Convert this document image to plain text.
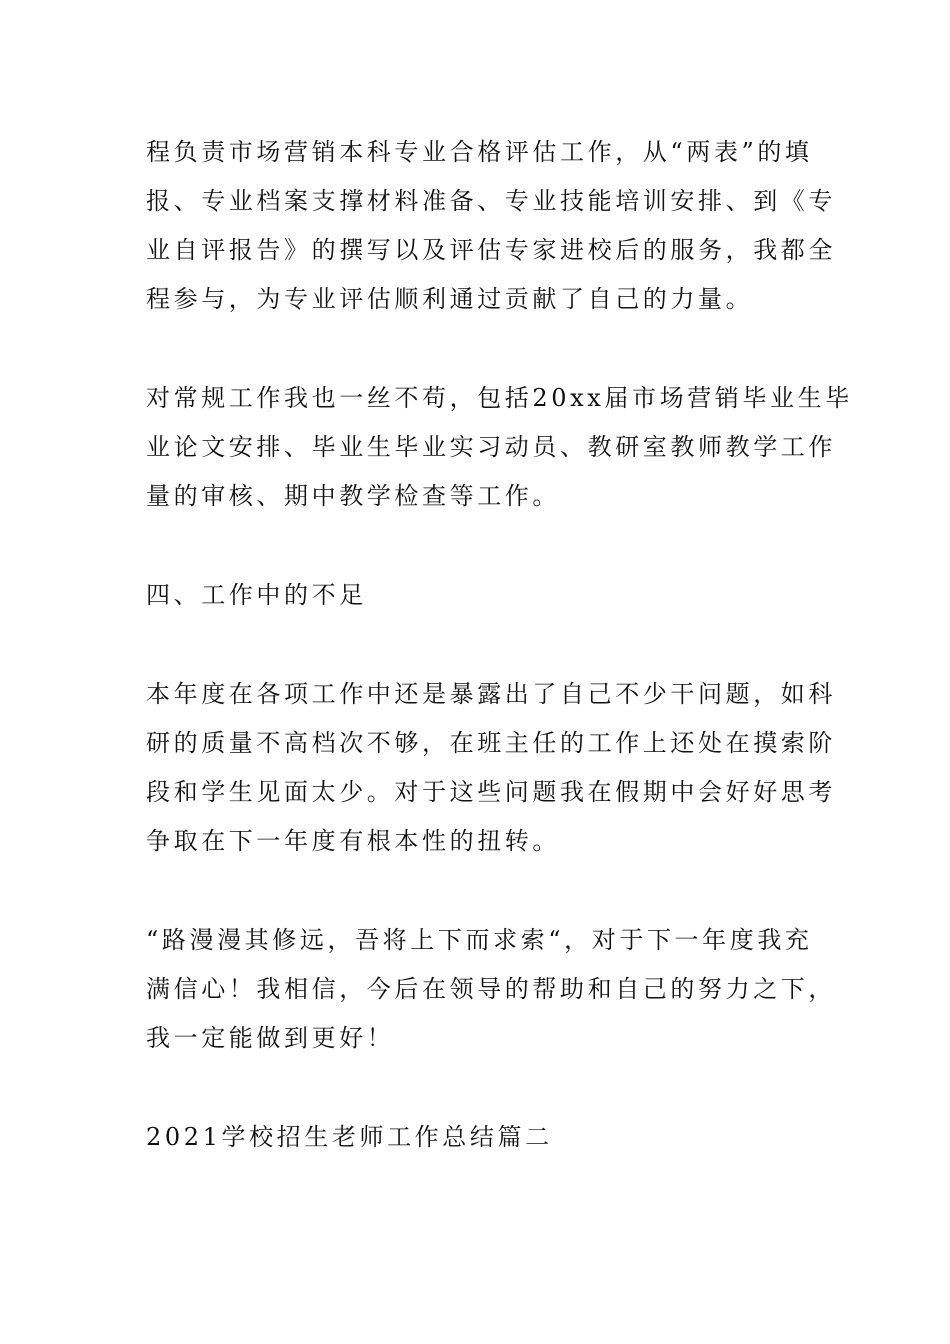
程负责市场营销本科专业合格评估工作，从“两表”的填
报、专业档案支撑材料准备、专业技能培训安排、到《专
业自评报告》的撰写以及评估专家进校后的服务，我都全
程参与，为专业评估顺利通过贡献了自己的力量。

对常规工作我也一丝不苟，包括20xx届市场营销毕业生毕
业论文安排、毕业生毕业实习动员、教研室教师教学工作
量的审核、期中教学检查等工作。

四、工作中的不足

本年度在各项工作中还是暴露出了自己不少干问题，如科
研的质量不高档次不够，在班主任的工作上还处在摸索阶
段和学生见面太少。对于这些问题我在假期中会好好思考
争取在下一年度有根本性的扭转。

“路漫漫其修远，吾将上下而求索“，对于下一年度我充
满信心！我相信，今后在领导的帮助和自己的努力之下，
我一定能做到更好！

2021学校招生老师工作总结篇二
